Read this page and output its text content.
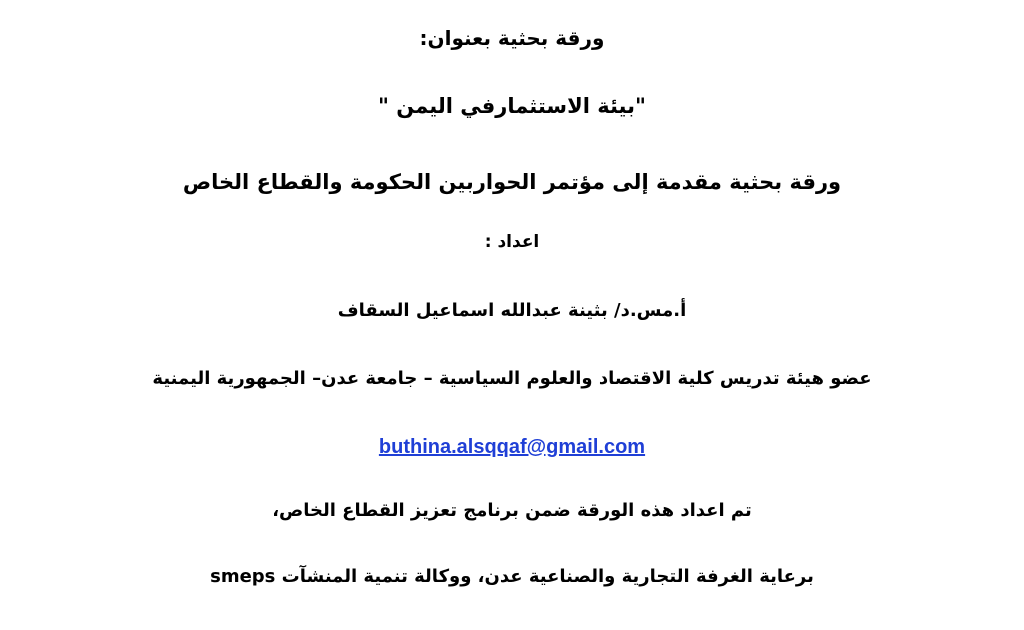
ورقة بحثية بعنوان:
"بيئة الاستثمارفي اليمن "
ورقة بحثية مقدمة إلى مؤتمر الحواربين الحكومة والقطاع الخاص
اعداد :
أ.مس.د/ بثينة عبدالله اسماعيل السقاف
عضو هيئة تدريس كلية الاقتصاد والعلوم السياسية – جامعة عدن– الجمهورية اليمنية
buthina.alsqqaf@gmail.com
تم اعداد هذه الورقة ضمن برنامج تعزيز القطاع الخاص،
برعاية الغرفة التجارية والصناعية عدن، ووكالة تنمية المنشآت smeps
